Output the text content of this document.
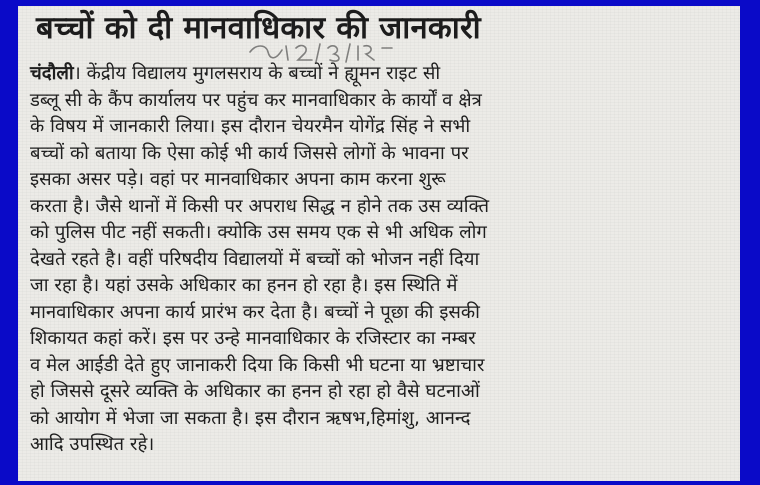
बच्चों को दी मानवाधिकार की जानकारी
चंदौली। केंद्रीय विद्यालय मुगलसराय के बच्चों ने ह्यूमन राइट सी
डब्लू सी के कैंप कार्यालय पर पहुंच कर मानवाधिकार के कार्यों व क्षेत्र
के विषय में जानकारी लिया। इस दौरान चेयरमैन योगेंद्र सिंह ने सभी
बच्चों को बताया कि ऐसा कोई भी कार्य जिससे लोगों के भावना पर
इसका असर पड़े। वहां पर मानवाधिकार अपना काम करना शुरू
करता है। जैसे थानों में किसी पर अपराध सिद्ध न होने तक उस व्यक्ति
को पुलिस पीट नहीं सकती। क्योकि उस समय एक से भी अधिक लोग
देखते रहते है। वहीं परिषदीय विद्यालयों में बच्चों को भोजन नहीं दिया
जा रहा है। यहां उसके अधिकार का हनन हो रहा है। इस स्थिति में
मानवाधिकार अपना कार्य प्रारंभ कर देता है। बच्चों ने पूछा की इसकी
शिकायत कहां करें। इस पर उन्हे मानवाधिकार के रजिस्टार का नम्बर
व मेल आईडी देते हुए जानाकरी दिया कि किसी भी घटना या भ्रष्टाचार
हो जिससे दूसरे व्यक्ति के अधिकार का हनन हो रहा हो वैसे घटनाओं
को आयोग में भेजा जा सकता है। इस दौरान ऋषभ,हिमांशु, आनन्द
आदि उपस्थित रहे।
